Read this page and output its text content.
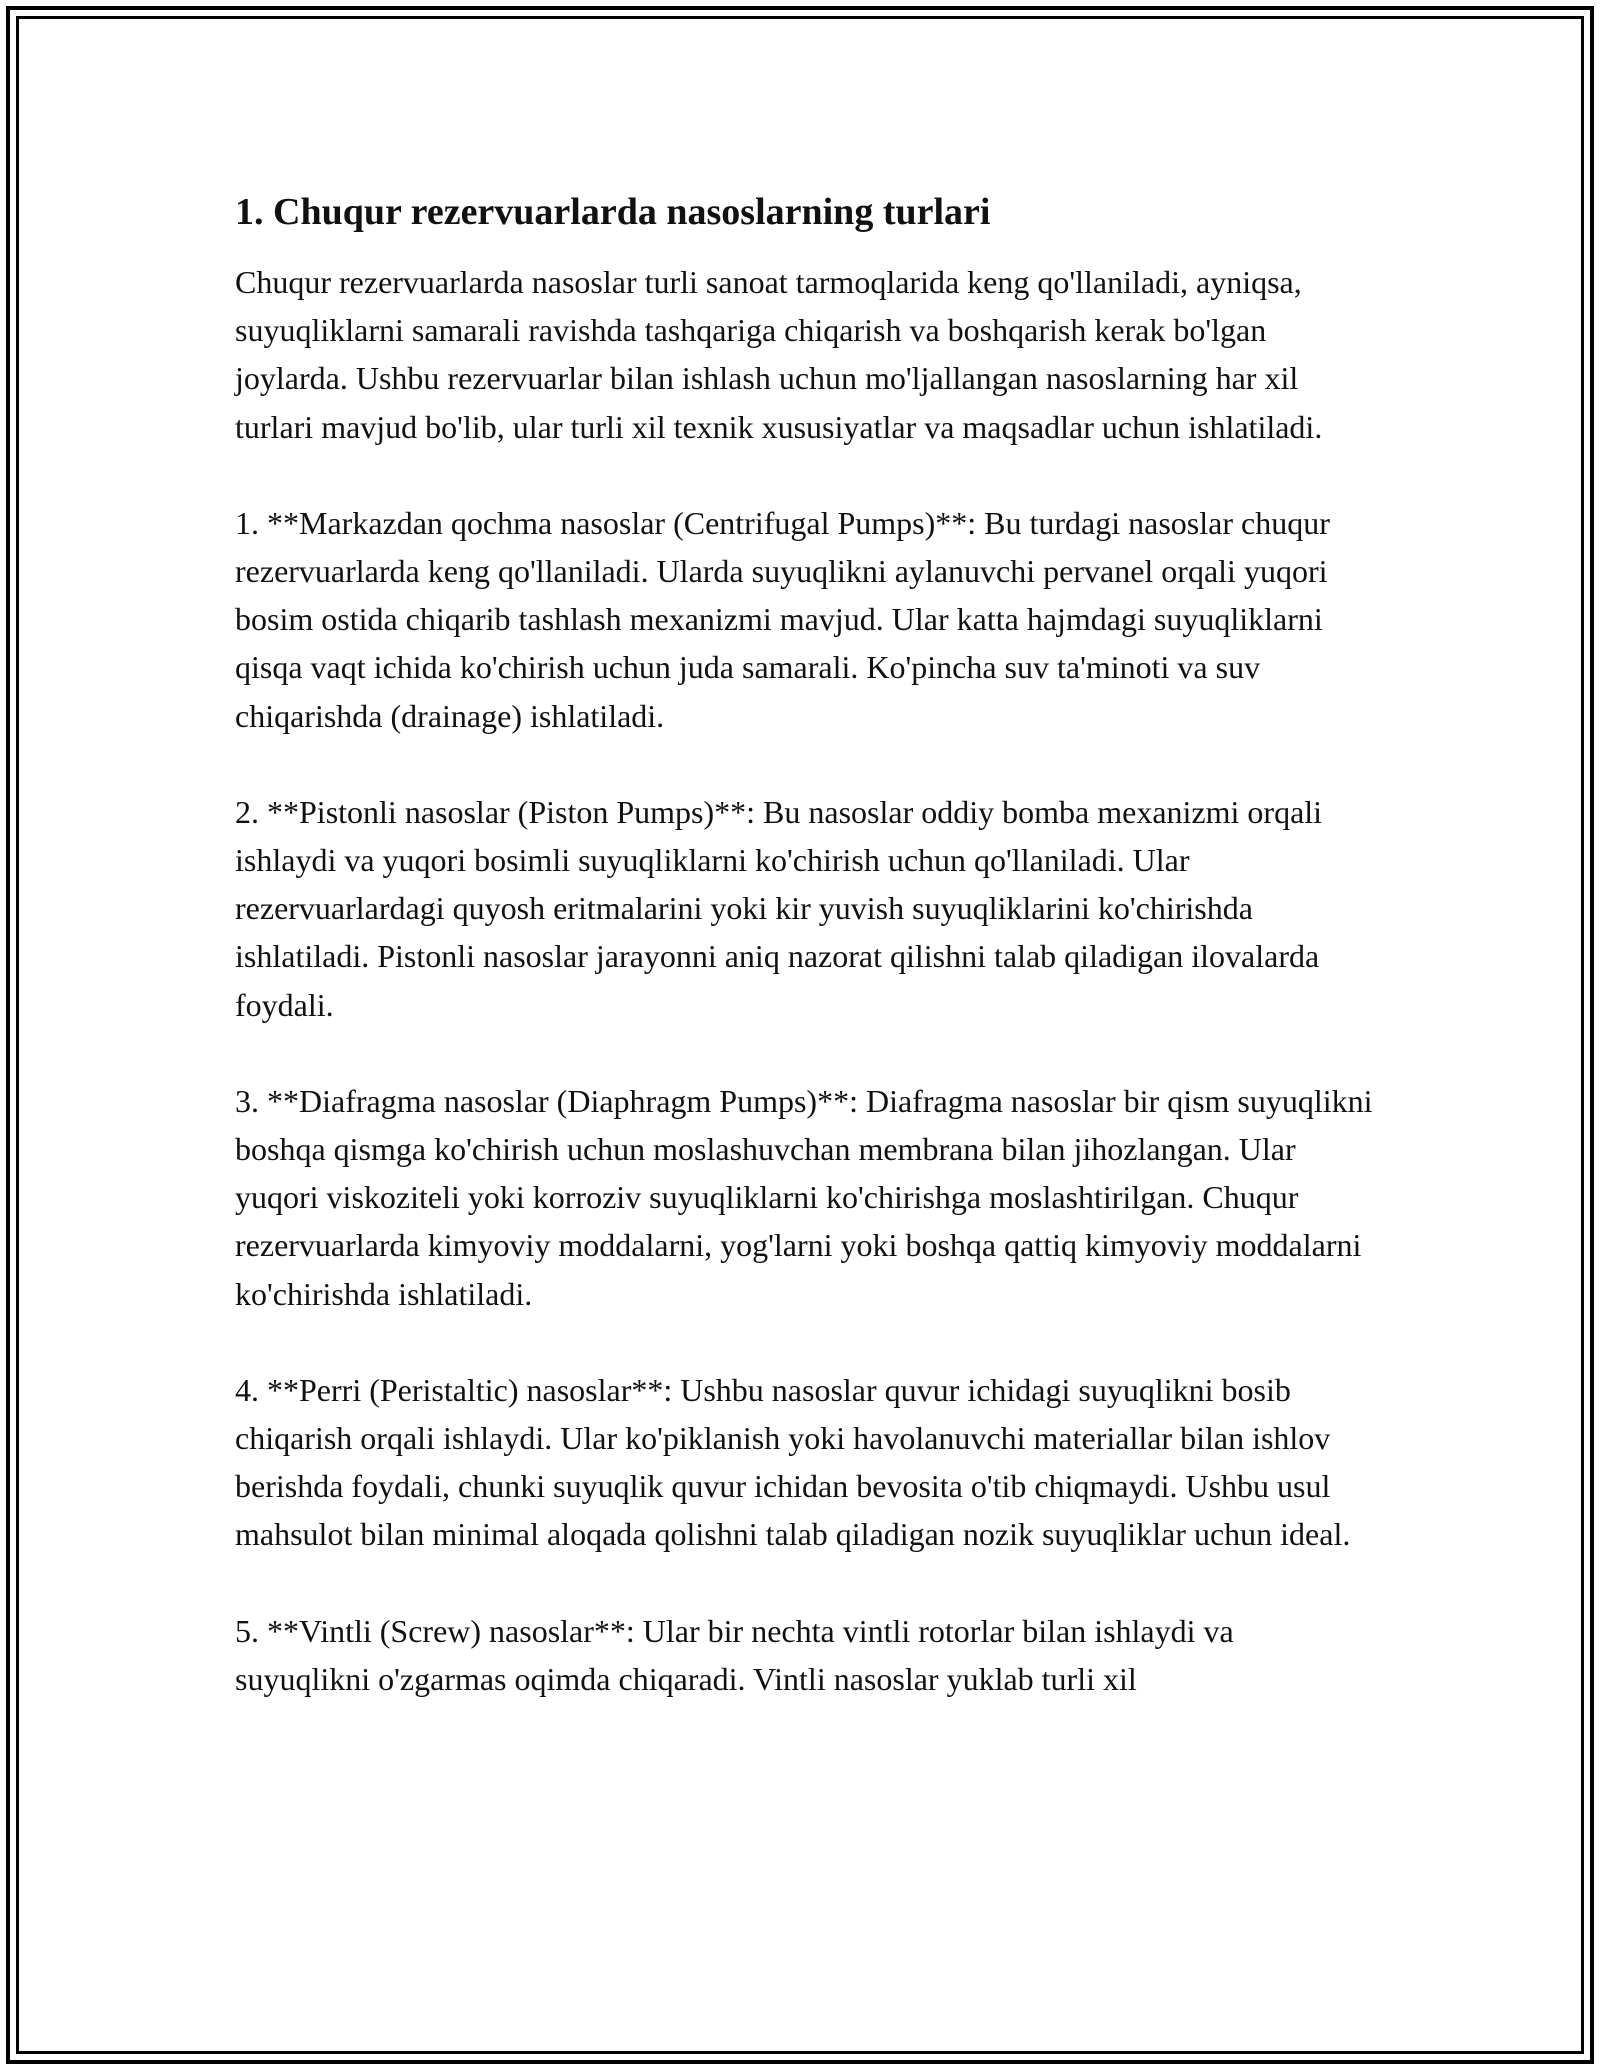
1. Chuqur rezervuarlarda nasoslarning turlari

Chuqur rezervuarlarda nasoslar turli sanoat tarmoqlarida keng qo'llaniladi, ayniqsa, suyuqliklarni samarali ravishda tashqariga chiqarish va boshqarish kerak bo'lgan joylarda. Ushbu rezervuarlar bilan ishlash uchun mo'ljallangan nasoslarning har xil turlari mavjud bo'lib, ular turli xil texnik xususiyatlar va maqsadlar uchun ishlatiladi.

1. **Markazdan qochma nasoslar (Centrifugal Pumps)**: Bu turdagi nasoslar chuqur rezervuarlarda keng qo'llaniladi. Ularda suyuqlikni aylanuvchi pervanel orqali yuqori bosim ostida chiqarib tashlash mexanizmi mavjud. Ular katta hajmdagi suyuqliklarni qisqa vaqt ichida ko'chirish uchun juda samarali. Ko'pincha suv ta'minoti va suv chiqarishda (drainage) ishlatiladi.

2. **Pistonli nasoslar (Piston Pumps)**: Bu nasoslar oddiy bomba mexanizmi orqali ishlaydi va yuqori bosimli suyuqliklarni ko'chirish uchun qo'llaniladi. Ular rezervuarlardagi quyosh eritmalarini yoki kir yuvish suyuqliklarini ko'chirishda ishlatiladi. Pistonli nasoslar jarayonni aniq nazorat qilishni talab qiladigan ilovalarda foydali.

3. **Diafragma nasoslar (Diaphragm Pumps)**: Diafragma nasoslar bir qism suyuqlikni boshqa qismga ko'chirish uchun moslashuvchan membrana bilan jihozlangan. Ular yuqori viskoziteli yoki korroziv suyuqliklarni ko'chirishga moslashtirilgan. Chuqur rezervuarlarda kimyoviy moddalarni, yog'larni yoki boshqa qattiq kimyoviy moddalarni ko'chirishda ishlatiladi.

4. **Perri (Peristaltic) nasoslar**: Ushbu nasoslar quvur ichidagi suyuqlikni bosib chiqarish orqali ishlaydi. Ular ko'piklanish yoki havolanuvchi materiallar bilan ishlov berishda foydali, chunki suyuqlik quvur ichidan bevosita o'tib chiqmaydi. Ushbu usul mahsulot bilan minimal aloqada qolishni talab qiladigan nozik suyuqliklar uchun ideal.

5. **Vintli (Screw) nasoslar**: Ular bir nechta vintli rotorlar bilan ishlaydi va suyuqlikni o'zgarmas oqimda chiqaradi. Vintli nasoslar yuklab turli xil
